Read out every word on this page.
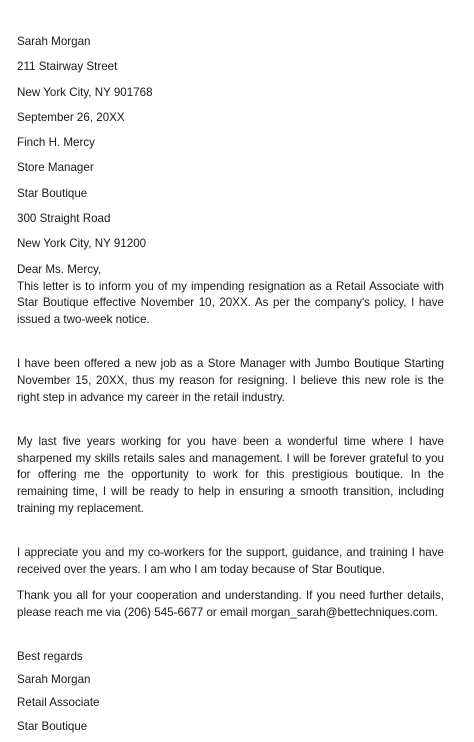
Sarah Morgan
211 Stairway Street
New York City, NY 901768
September 26, 20XX
Finch H. Mercy
Store Manager
Star Boutique
300 Straight Road
New York City, NY 91200
Dear Ms. Mercy,

This letter is to inform you of my impending resignation as a Retail Associate with Star Boutique effective November 10, 20XX. As per the company's policy, I have issued a two-week notice.

I have been offered a new job as a Store Manager with Jumbo Boutique Starting November 15, 20XX, thus my reason for resigning. I believe this new role is the right step in advance my career in the retail industry.

My last five years working for you have been a wonderful time where I have sharpened my skills retails sales and management. I will be forever grateful to you for offering me the opportunity to work for this prestigious boutique. In the remaining time, I will be ready to help in ensuring a smooth transition, including training my replacement.

I appreciate you and my co-workers for the support, guidance, and training I have received over the years. I am who I am today because of Star Boutique.

Thank you all for your cooperation and understanding. If you need further details, please reach me via (206) 545-6677 or email morgan_sarah@bettechniques.com.

Best regards
Sarah Morgan
Retail Associate
Star Boutique
